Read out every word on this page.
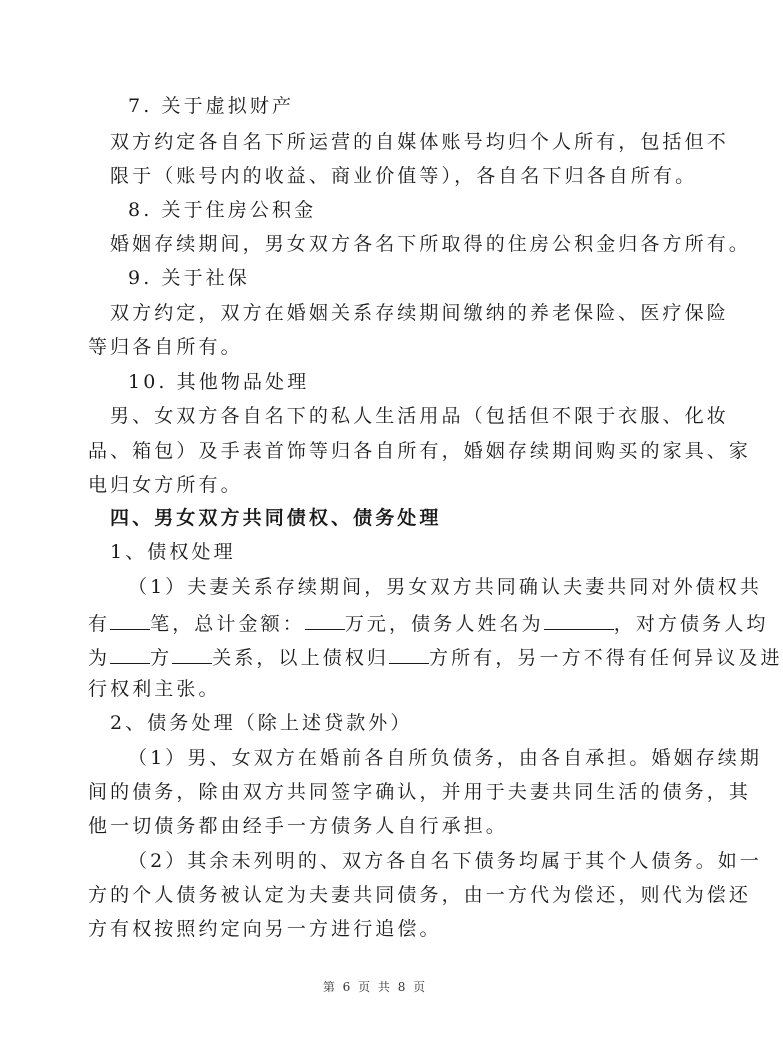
7. 关于虚拟财产
双方约定各自名下所运营的自媒体账号均归个人所有，包括但不
限于（账号内的收益、商业价值等），各自名下归各自所有。
8. 关于住房公积金
婚姻存续期间，男女双方各名下所取得的住房公积金归各方所有。
9. 关于社保
双方约定，双方在婚姻关系存续期间缴纳的养老保险、医疗保险
等归各自所有。
10. 其他物品处理
男、女双方各自名下的私人生活用品（包括但不限于衣服、化妆
品、箱包）及手表首饰等归各自所有，婚姻存续期间购买的家具、家
电归女方所有。
四、男女双方共同债权、债务处理
1、债权处理
（1）夫妻关系存续期间，男女双方共同确认夫妻共同对外债权共
有 笔，总计金额： 万元，债务人姓名为	，对方债务人均
为 方 关系，以上债权归 方所有，另一方不得有任何异议及进
行权利主张。
2、债务处理（除上述贷款外）
（1）男、女双方在婚前各自所负债务，由各自承担。婚姻存续期
间的债务，除由双方共同签字确认，并用于夫妻共同生活的债务，其
他一切债务都由经手一方债务人自行承担。
（2）其余未列明的、双方各自名下债务均属于其个人债务。如一
方的个人债务被认定为夫妻共同债务，由一方代为偿还，则代为偿还
方有权按照约定向另一方进行追偿。
第 6 页 共 8 页
